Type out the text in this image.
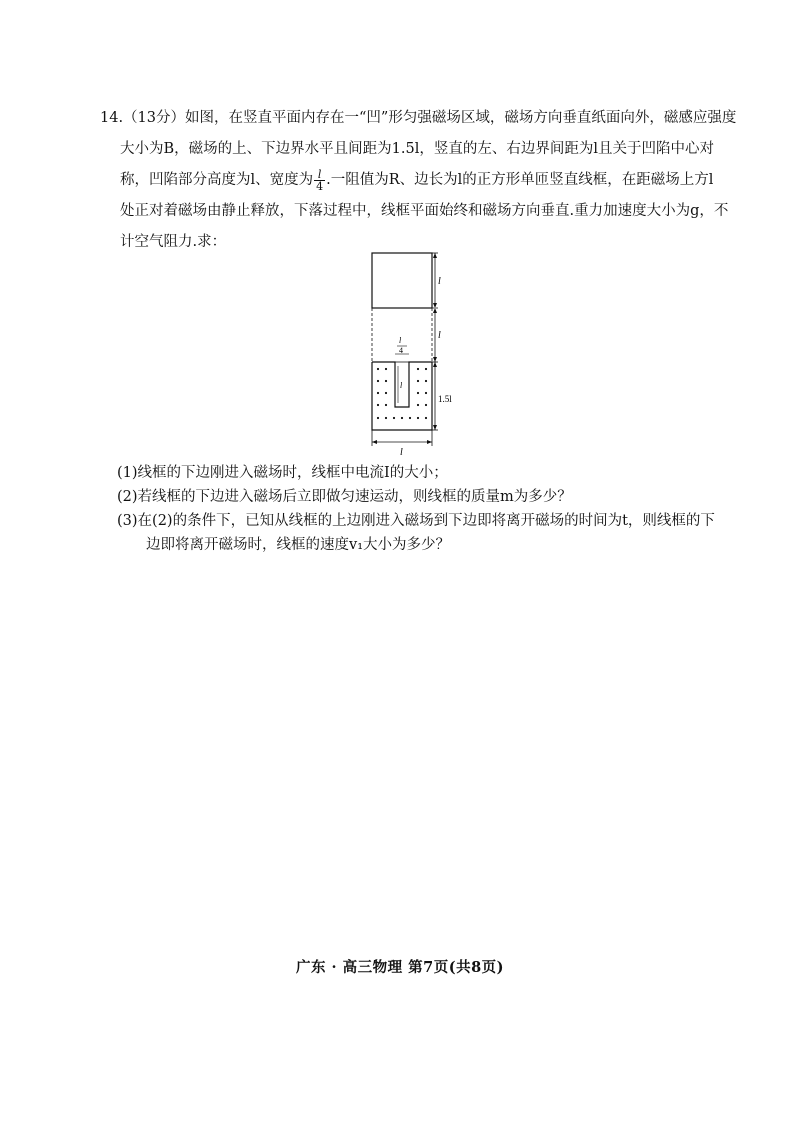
14.（13分）如图，在竖直平面内存在一“凹”形匀强磁场区域，磁场方向垂直纸面向外，磁感应强度
大小为B，磁场的上、下边界水平且间距为1.5l，竖直的左、右边界间距为l且关于凹陷中心对
称，凹陷部分高度为l、宽度为 $\frac{l}{4}$ .一阻值为R、边长为l的正方形单匝竖直线框，在距磁场上方l
处正对着磁场由静止释放，下落过程中，线框平面始终和磁场方向垂直.重力加速度大小为g，不
计空气阻力.求：
l
l
1.5l
l
4
l
l
(1)线框的下边刚进入磁场时，线框中电流I的大小；
(2)若线框的下边进入磁场后立即做匀速运动，则线框的质量m为多少？
(3)在(2)的条件下，已知从线框的上边刚进入磁场到下边即将离开磁场的时间为t，则线框的下
边即将离开磁场时，线框的速度v₁大小为多少？
广东 · 高三物理 第7页(共8页)
